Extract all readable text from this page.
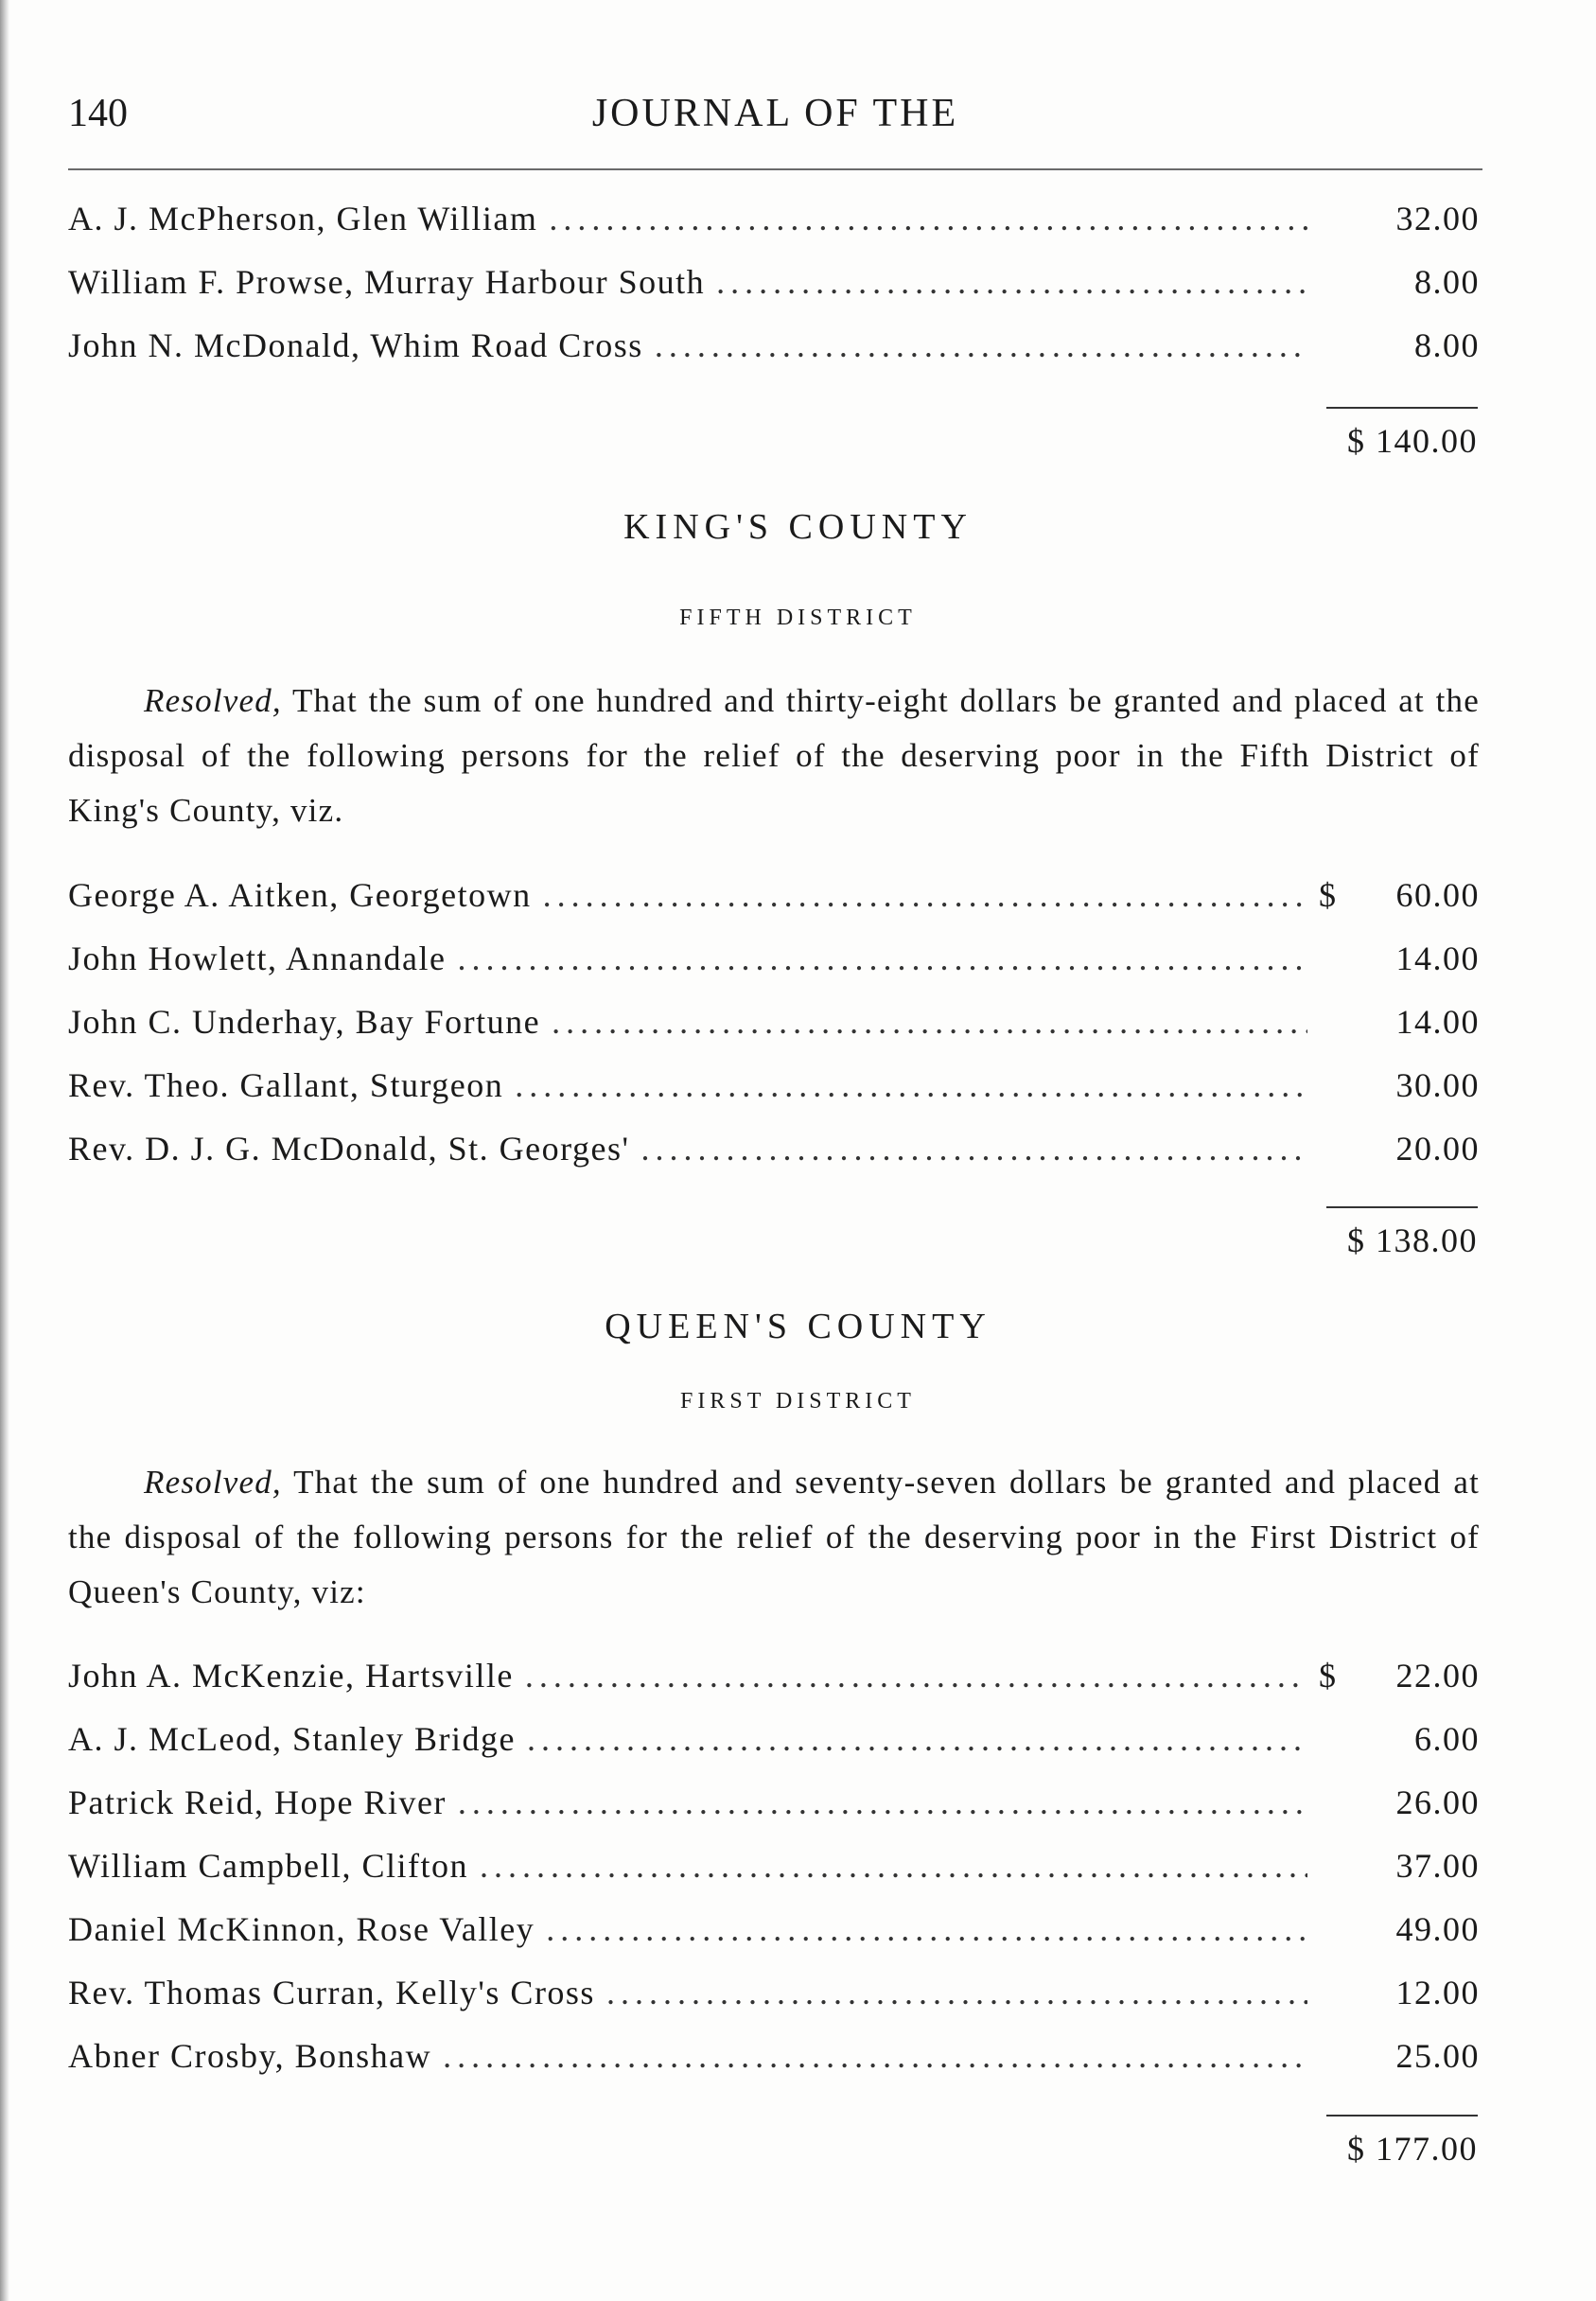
140	JOURNAL OF THE
A. J. McPherson, Glen William .....	32.00
William F. Prowse, Murray Harbour South .....	8.00
John N. McDonald, Whim Road Cross .....	8.00
$ 140.00
KING'S COUNTY
FIFTH DISTRICT
Resolved, That the sum of one hundred and thirty-eight dollars be granted and placed at the disposal of the following persons for the relief of the deserving poor in the Fifth District of King's County, viz.
George A. Aitken, Georgetown .....	$	60.00
John Howlett, Annandale .....	14.00
John C. Underhay, Bay Fortune .....	14.00
Rev. Theo. Gallant, Sturgeon .....	30.00
Rev. D. J. G. McDonald, St. Georges' .....	20.00
$ 138.00
QUEEN'S COUNTY
FIRST DISTRICT
Resolved, That the sum of one hundred and seventy-seven dollars be granted and placed at the disposal of the following persons for the relief of the deserving poor in the First District of Queen's County, viz:
John A. McKenzie, Hartsville .....	$	22.00
A. J. McLeod, Stanley Bridge .....	6.00
Patrick Reid, Hope River .....	26.00
William Campbell, Clifton .....	37.00
Daniel McKinnon, Rose Valley .....	49.00
Rev. Thomas Curran, Kelly's Cross .....	12.00
Abner Crosby, Bonshaw .....	25.00
$ 177.00
